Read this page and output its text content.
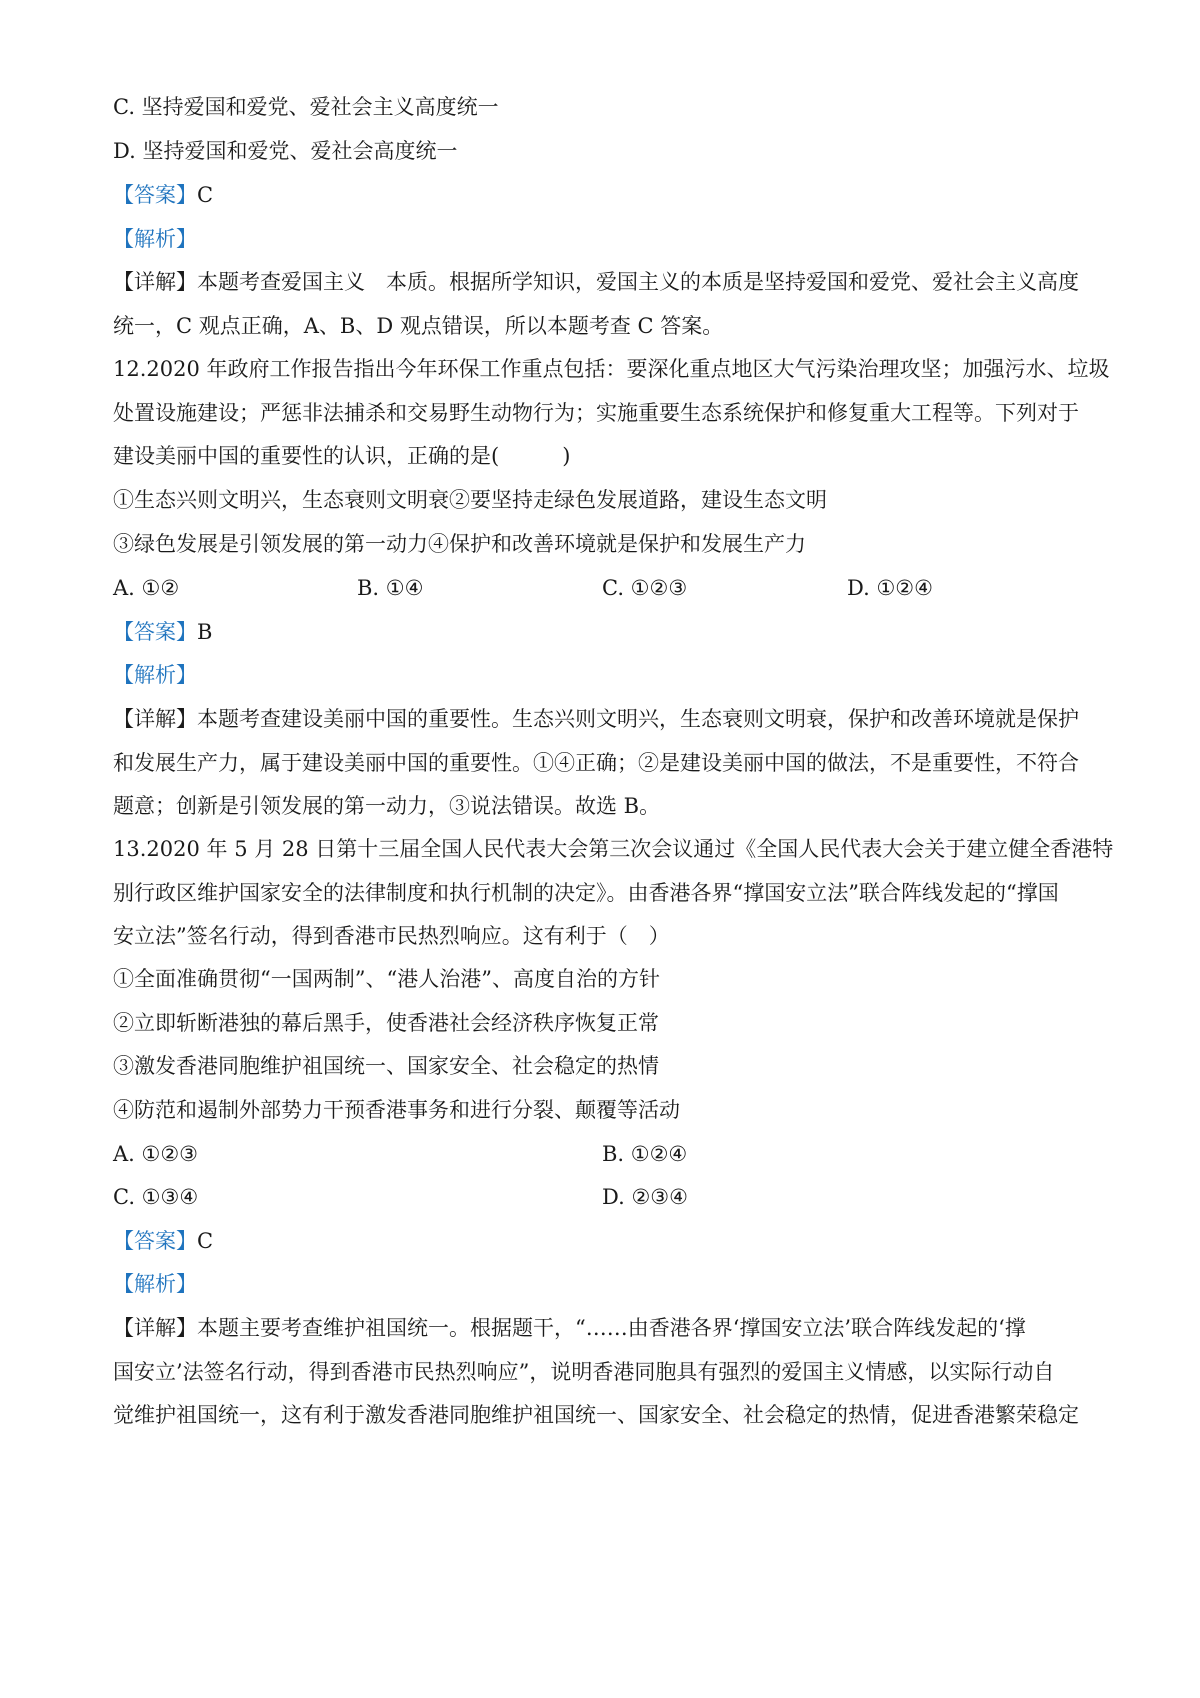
C. 坚持爱国和爱党、爱社会主义高度统一
D. 坚持爱国和爱党、爱社会高度统一
【答案】C
【解析】
【详解】本题考查爱国主义　本质。根据所学知识，爱国主义的本质是坚持爱国和爱党、爱社会主义高度
统一，C 观点正确，A、B、D 观点错误，所以本题考查 C 答案。
12.2020 年政府工作报告指出今年环保工作重点包括：要深化重点地区大气污染治理攻坚；加强污水、垃圾
处置设施建设；严惩非法捕杀和交易野生动物行为；实施重要生态系统保护和修复重大工程等。下列对于
建设美丽中国的重要性的认识，正确的是(　　　)
①生态兴则文明兴，生态衰则文明衰②要坚持走绿色发展道路，建设生态文明
③绿色发展是引领发展的第一动力④保护和改善环境就是保护和发展生产力
A. ①②	B. ①④	C. ①②③	D. ①②④
【答案】B
【解析】
【详解】本题考查建设美丽中国的重要性。生态兴则文明兴，生态衰则文明衰，保护和改善环境就是保护
和发展生产力，属于建设美丽中国的重要性。①④正确；②是建设美丽中国的做法，不是重要性，不符合
题意；创新是引领发展的第一动力，③说法错误。故选 B。
13.2020 年 5 月 28 日第十三届全国人民代表大会第三次会议通过《全国人民代表大会关于建立健全香港特
别行政区维护国家安全的法律制度和执行机制的决定》。由香港各界“撑国安立法”联合阵线发起的“撑国
安立法”签名行动，得到香港市民热烈响应。这有利于（　）
①全面准确贯彻“一国两制”、“港人治港”、高度自治的方针
②立即斩断港独的幕后黑手，使香港社会经济秩序恢复正常
③激发香港同胞维护祖国统一、国家安全、社会稳定的热情
④防范和遏制外部势力干预香港事务和进行分裂、颠覆等活动
A. ①②③	B. ①②④
C. ①③④	D. ②③④
【答案】C
【解析】
【详解】本题主要考查维护祖国统一。根据题干，“……由香港各界‘撑国安立法’联合阵线发起的‘撑
国安立’法签名行动，得到香港市民热烈响应”，说明香港同胞具有强烈的爱国主义情感，以实际行动自
觉维护祖国统一，这有利于激发香港同胞维护祖国统一、国家安全、社会稳定的热情，促进香港繁荣稳定
